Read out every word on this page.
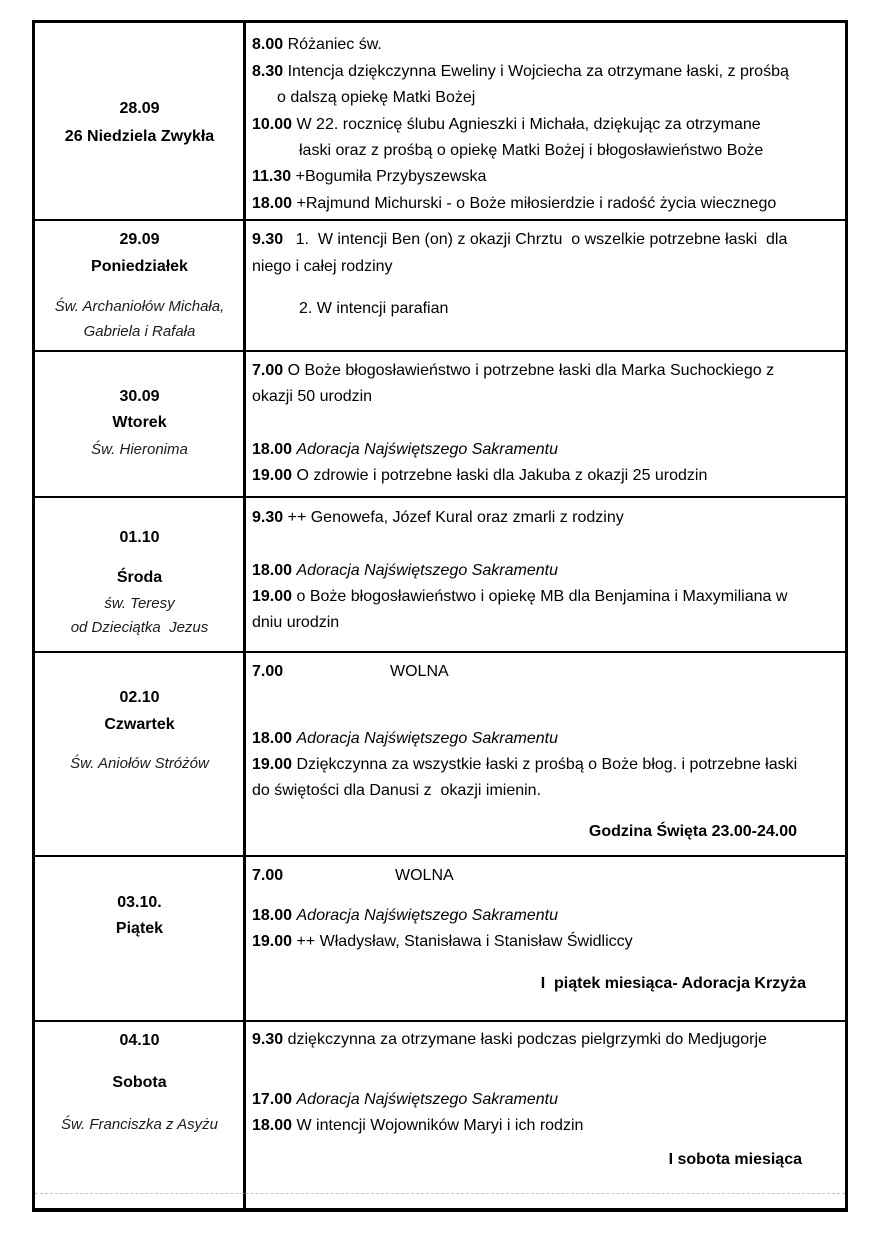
28.09
26 Niedziela Zwykła
8.00 Różaniec św.
8.30 Intencja dziękczynna Eweliny i Wojciecha za otrzymane łaski, z prośbą
o dalszą opiekę Matki Bożej
10.00 W 22. rocznicę ślubu Agnieszki i Michała, dziękując za otrzymane
łaski oraz z prośbą o opiekę Matki Bożej i błogosławieństwo Boże
11.30 +Bogumiła Przybyszewska
18.00 +Rajmund Michurski - o Boże miłosierdzie i radość życia wiecznego
29.09
Poniedziałek
Św. Archaniołów Michała,
Gabriela i Rafała
9.30 1.  W intencji Ben (on) z okazji Chrztu  o wszelkie potrzebne łaski  dla
niego i całej rodziny
2. W intencji parafian
30.09
Wtorek
Św. Hieronima
7.00 O Boże błogosławieństwo i potrzebne łaski dla Marka Suchockiego z
okazji 50 urodzin
18.00 Adoracja Najświętszego Sakramentu
19.00 O zdrowie i potrzebne łaski dla Jakuba z okazji 25 urodzin
01.10
Środa
św. Teresy
od Dzieciątka  Jezus
9.30 ++ Genowefa, Józef Kural oraz zmarli z rodziny
18.00 Adoracja Najświętszego Sakramentu
19.00 o Boże błogosławieństwo i opiekę MB dla Benjamina i Maxymiliana w
dniu urodzin
02.10
Czwartek
Św. Aniołów Stróżów
7.00	WOLNA
18.00 Adoracja Najświętszego Sakramentu
19.00 Dziękczynna za wszystkie łaski z prośbą o Boże błog. i potrzebne łaski
do świętości dla Danusi z  okazji imienin.
Godzina Święta 23.00-24.00
03.10.
Piątek
7.00	WOLNA
18.00 Adoracja Najświętszego Sakramentu
19.00 ++ Władysław, Stanisława i Stanisław Świdliccy
I  piątek miesiąca- Adoracja Krzyża
04.10
Sobota
Św. Franciszka z Asyżu
9.30 dziękczynna za otrzymane łaski podczas pielgrzymki do Medjugorje
17.00 Adoracja Najświętszego Sakramentu
18.00 W intencji Wojowników Maryi i ich rodzin
I sobota miesiąca
